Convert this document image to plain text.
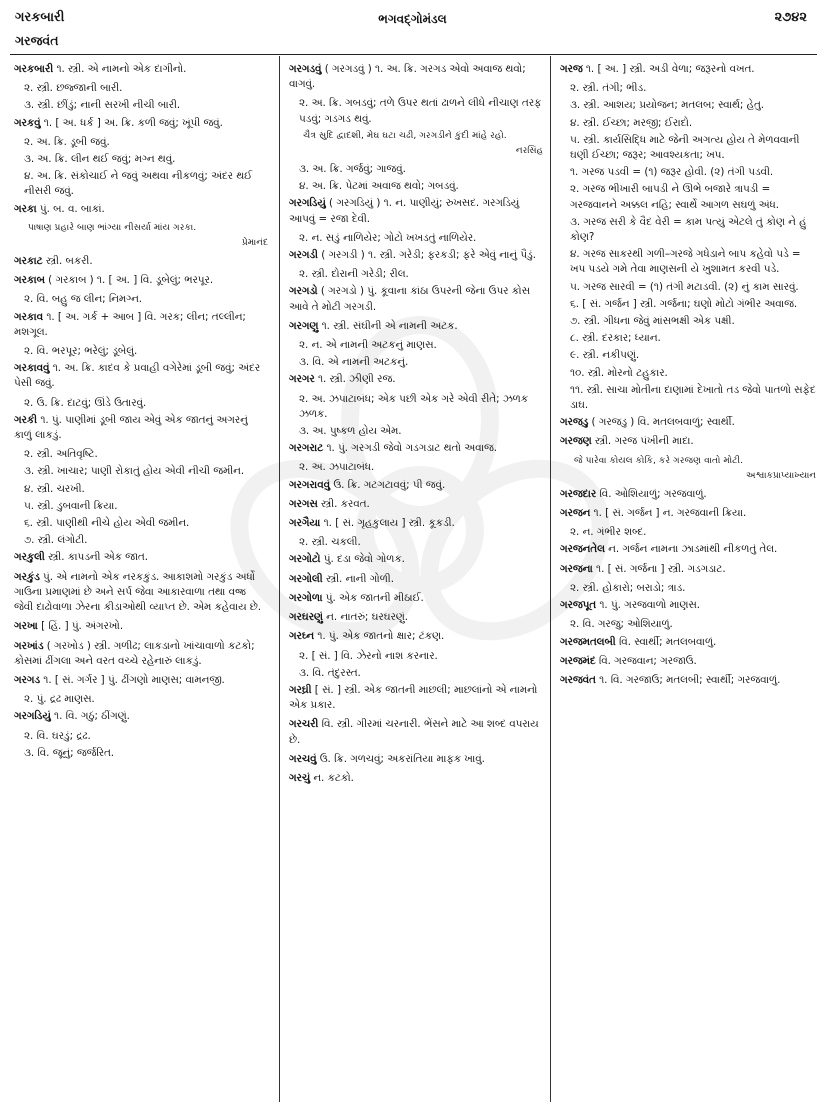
ગરકબારી	ભગવદ્‌ગોમંડલ	૨૭૪૨
ગરજવંત
ગરકબારી ૧. સ્ત્રી. એ નામનો એક દાગીનો.
૨. સ્ત્રી. છજ્જાની બારી.
૩. સ્ત્રી. છીંડું; નાની સરખી નીચી બારી.
ગરકવું ૧. [ અ. ધર્ક ] અ. ક્રિ. કળી જવું; ખૂંપી જવું.
૨. અ. ક્રિ. ડૂબી જવું.
૩. અ. ક્રિ. લીન થઈ જવું; મગ્ન થવું.
૪. અ. ક્રિ. સંકોચાઈ ને જવું અથવા નીકળવું; અંદર થઈ નીસરી જવું.
ગરકા પું. બ. વ. બાકાં.
પાષાણ પ્રહારે બાણ ભાંગ્યા નીસર્યા માંય ગરકા.
પ્રેમાનંદ
ગરકાટ સ્ત્રી. બકરી.
ગરકાબ ( ગરકાબ ) ૧. [ અ. ] વિ. ડૂબેલું; ભરપૂર.
૨. વિ. બહુ જ લીન; નિમગ્ન.
ગરકાવ ૧. [ અ. ગર્ક + આબ ] વિ. ગરક; લીન; તલ્લીન; મશગૂલ.
૨. વિ. ભરપૂર; ભરેલું; ડૂબેલું.
ગરકાવવું ૧. અ. ક્રિ. કાદવ કે પ્રવાહી વગેરેમાં ડૂબી જવું; અંદર પેસી જવું.
૨. ઉ. ક્રિ. દાટવું; ઊંડે ઉતારવું.
ગરકી ૧. પું. પાણીમાં ડૂબી જાય એવું એક જાતનું અગરનું કાળું લાકડું.
૨. સ્ત્રી. અતિવૃષ્ટિ.
૩. સ્ત્રી. ખાચાર; પાણી રોકાતું હોય એવી નીચી જમીન.
૪. સ્ત્રી. ચરખી.
૫. સ્ત્રી. ડુબવાની ક્રિયા.
૬. સ્ત્રી. પાણીથી નીચે હોય એવી જમીન.
૭. સ્ત્રી. લંગોટી.
ગરકુલી સ્ત્રી. કાપડની એક જાત.
ગરકુંડ પું. એ નામનો એક નરકકુંડ. આકાશમો ગરકુંડ અર્ધો ગાઉના પ્રમાણમાં છે અને સર્પ જેવા આકારવાળા તથા વજ્ર જેવી દાઢોવાળા ઝેરના કીડાઓથી વ્યાપ્ત છે. એમ કહેવાય છે.
ગરખા [ હિં. ] પું. અંગરખો.
ગરખાંડ ( ગરખોડ ) સ્ત્રી. ગળીઢ; લાકડાનો ખાંચાવાળો કટકો; કોસમાં ઢીંગલા અને વરત વચ્ચે રહેનારું લાકડું.
ગરગડ ૧. [ સં. ગર્ગર ] પું. ઢીંગણો માણસ; વામનજી.
૨. પું. દ્રઢ માણસ.
ગરગડિયું ૧. વિ. ગઠું; ઠીંગણું.
૨. વિ. ઘરડું; દ્રઢ.
૩. વિ. જૂનું; જર્જરિત.
ગરગડવું ( ગરગડવું ) ૧. અ. ક્રિ. ગરગડ એવો અવાજ થવો; વાગવું.
૨. અ. ક્રિ. ગબડવું; તળે ઉપર થતાં ઢાળને લીધે નીચાણ તરફ પડવું; ગડગડ થવું.
ચૈત્ર સુદિ દ્વાદશી, મેઘ ઘટા ચઢી, ગરગડીને કુંદી માંહે રહો.
નરસિંહ
૩. અ. ક્રિ. ગર્જવું; ગાજવું.
૪. અ. ક્રિ. પેટમાં અવાજ થવો; ગબડવું.
ગરગડિયું ( ગરગડિયું ) ૧. ન. પાણીયું; રુખસદ. ગરગડિયું આપવું = રજા દેવી.
૨. ન. સડું નાળિયેર; ગોટો ખખડતું નાળિયેર.
ગરગડી ( ગરગડી ) ૧. સ્ત્રી. ગરેડી; ફરકડી; ફરે એવું નાનું પૈડું.
૨. સ્ત્રી. દોરાની ગરેડી; રીલ.
ગરગડો ( ગરગડો ) પું. કૂવાના કાંઠા ઉપરની જેના ઉપર કોસ આવે તે મોટી ગરગડી.
ગરગણુ ૧. સ્ત્રી. સંઘીની એ નામની અટક.
૨. ન. એ નામની અટકનું માણસ.
૩. વિ. એ નામની અટકનું.
ગરગર ૧. સ્ત્રી. ઝીણી રજ.
૨. અ. ઝપાટાબંધ; એક પછી એક ગરે એવી રીતે; ઝળક ઝળક.
૩. અ. પુષ્કળ હોય એમ.
ગરગરાટ ૧. પું. ગરગડી જેવો ગડગડાટ થતો અવાજ.
૨. અ. ઝપાટાબંધ.
ગરગરાવવું ઉ. ક્રિ. ગટગટાવવું; પી જવું.
ગરગસ સ્ત્રી. કરવત.
ગરગૈયા ૧. [ સં. ગૃહકુલાય ] સ્ત્રી. કૂકડી.
૨. સ્ત્રી. ચકલી.
ગરગોટો પું. દડા જેવો ગોળક.
ગરગોલી સ્ત્રી. નાની ગોળી.
ગરગોળા પું. એક જાતની મીઠાઈ.
ગરઘરણું ન. નાતરું; ઘરઘરણું.
ગરઘ્ન ૧. પું. એક જાતનો ક્ષાર; ટંકણ.
૨. [ સં. ] વિ. ઝેરનો નાશ કરનાર.
૩. વિ. તંદુરસ્ત.
ગરઘ્રી [ સં. ] સ્ત્રી. એક જાતની માછલી; માછલાંનો એ નામનો એક પ્રકાર.
ગરચરી વિ. સ્ત્રી. ગીરમાં ચરનારી. ભેંસને માટે આ શબ્દ વપરાય છે.
ગરચવું ઉ. ક્રિ. ગળચવું; અકરાંતિયા માફક ખાવું.
ગરચું ન. કટકો.
ગરજ ૧. [ અ. ] સ્ત્રી. અડી વેળા; જરૂરનો વખત.
૨. સ્ત્રી. તંગી; ભીડ.
૩. સ્ત્રી. આશય; પ્રયોજન; મતલબ; સ્વાર્થ; હેતુ.
૪. સ્ત્રી. ઈચ્છા; મરજી; ઈરાદો.
૫. સ્ત્રી. કાર્યસિદ્ધિ માટે જેની અગત્ય હોય તે મેળવવાની ઘણી ઈચ્છા; જરૂર; આવશ્યકતા; ખપ.
૧. ગરજ પડવી = (૧) જરૂર હોવી. (૨) તંગી પડવી.
૨. ગરજ ભીખારી બાપડી ને ઊભે બજારે ત્રાપડી = ગરજવાનને અક્કલ નહિ; સ્વાર્થે આગળ સઘળું અંધ.
૩. ગરજ સરી કે વૈદ વેરી = કામ પત્યું એટલે તું કોણ ને હું કોણ?
૪. ગરજ સાકરથી ગળી–ગરજે ગધેડાને બાપ કહેવો પડે = ખપ પડયે ગમે તેવા માણસની યે ખુશામત કરવી પડે.
૫. ગરજ સારવી = (૧) તંગી મટાડવી. (૨) નું કામ સારવું.
૬. [ સં. ગર્જન ] સ્ત્રી. ગર્જના; ઘણો મોટો ગંભીર અવાજ.
૭. સ્ત્રી. ગીધના જેવું માંસભક્ષી એક પક્ષી.
૮. સ્ત્રી. દરકાર; ધ્યાન.
૯. સ્ત્રી. નકીપણું.
૧૦. સ્ત્રી. મોરનો ટહુકાર.
૧૧. સ્ત્રી. સાચા મોતીના દાણામાં દેખાતો તડ જેવો પાતળો સફેદ ડાઘ.
ગરજડુ ( ગરજડુ ) વિ. મતલબવાળું; સ્વાર્થી.
ગરજણ સ્ત્રી. ગરજ પંખીની માદા.
જે પારેવા કોયલ કોકિ, કરે ગરજણ વાતો મોટી.
અશ્વાકપ્રાપ્યાખ્યાન
ગરજદાર વિ. ઓશિયાળું; ગરજવાળું.
ગરજન ૧. [ સં. ગર્જન ] ન. ગરજવાની ક્રિયા.
૨. ન. ગંભીર શબ્દ.
ગરજનતેલ ન. ગર્જન નામના ઝાડમાંથી નીકળતું તેલ.
ગરજના ૧. [ સં. ગર્જના ] સ્ત્રી. ગડગડાટ.
૨. સ્ત્રી. હોકારો; બરાડો; ત્રાડ.
ગરજપૂત ૧. પું. ગરજવાળો માણસ.
૨. વિ. ગરજુ; ઓશિયાળું.
ગરજમતલબી વિ. સ્વાર્થી; મતલબવાળું.
ગરજમંદ વિ. ગરજવાન; ગરજાઉ.
ગરજવંત ૧. વિ. ગરજાઉ; મતલબી; સ્વાર્થી; ગરજવાળું.
